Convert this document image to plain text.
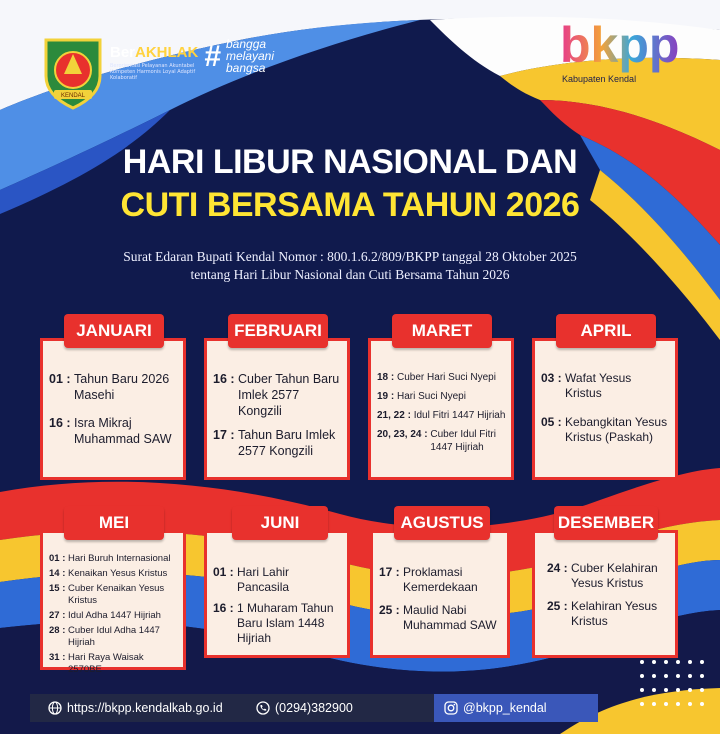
KENDAL
BerAKHLAK
Berorientasi Pelayanan Akuntabel Kompeten Harmonis Loyal Adaptif Kolaboratif
# bangga
melayani
bangsa	bkpp
Kabupaten Kendal
HARI LIBUR NASIONAL DAN
CUTI BERSAMA TAHUN 2026
Surat Edaran Bupati Kendal Nomor : 800.1.6.2/809/BKPP tanggal 28 Oktober 2025
tentang Hari Libur Nasional dan Cuti Bersama Tahun 2026
01 : Tahun Baru 2026 Masehi
16 : Isra Mikraj Muhammad SAW
JANUARI
16 : Cuber Tahun Baru Imlek 2577 Kongzili
17 : Tahun Baru Imlek 2577 Kongzili
FEBRUARI
18 : Cuber Hari Suci Nyepi
19 : Hari Suci Nyepi
21, 22 : Idul Fitri 1447 Hijriah
20, 23, 24 : Cuber Idul Fitri 1447 Hijriah
MARET
03 : Wafat Yesus Kristus
05 : Kebangkitan Yesus Kristus (Paskah)
APRIL
01 : Hari Buruh Internasional
14 : Kenaikan Yesus Kristus
15 : Cuber Kenaikan Yesus Kristus
27 : Idul Adha 1447 Hijriah
28 : Cuber Idul Adha 1447 Hijriah
31 : Hari Raya Waisak 2570BE
MEI
01 : Hari Lahir Pancasila
16 : 1 Muharam Tahun Baru Islam 1448 Hijriah
JUNI
17 : Proklamasi Kemerdekaan
25 : Maulid Nabi Muhammad SAW
AGUSTUS
24 : Cuber Kelahiran Yesus Kristus
25 : Kelahiran Yesus Kristus
DESEMBER
https://bkpp.kendalkab.go.id	(0294)382900	@bkpp_kendal
